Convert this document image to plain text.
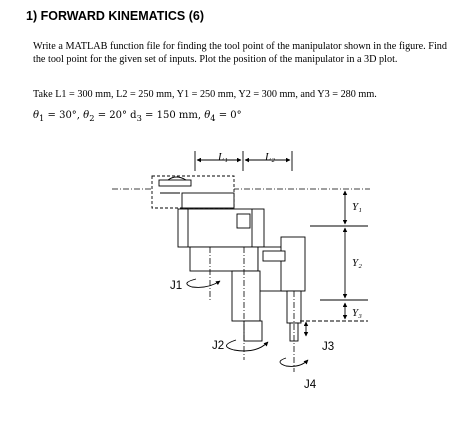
1) FORWARD KINEMATICS (6)
Write a MATLAB function file for finding the tool point of the manipulator shown in the figure. Find the tool point for the given set of inputs. Plot the position of the manipulator in a 3D plot.
Take L1 = 300 mm, L2 = 250 mm, Y1 = 250 mm, Y2 = 300 mm, and Y3 = 280 mm.
$\theta_1 = 30^\circ$, $\theta_2 = 20^\circ$ $d_3 = 150$ mm, $\theta_4 = 0^\circ$
L₁	L₂
J1
J2	J3
J4
Y₁
Y₂
Y₃
